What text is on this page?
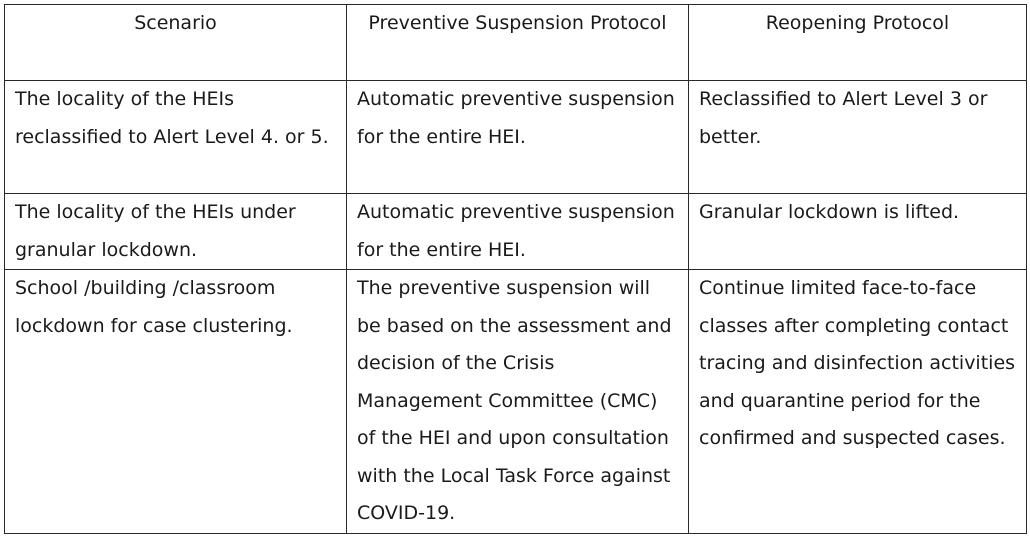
Scenario	Preventive Suspension Protocol	Reopening Protocol
The locality of the HEIs reclassified to Alert Level 4. or 5.	Automatic preventive suspension for the entire HEI.	Reclassified to Alert Level 3 or better.
The locality of the HEIs under granular lockdown.	Automatic preventive suspension for the entire HEI.	Granular lockdown is lifted.
School /building /classroom lockdown for case clustering.	The preventive suspension will be based on the assessment and decision of the Crisis Management Committee (CMC) of the HEI and upon consultation with the Local Task Force against COVID-19.	Continue limited face-to-face classes after completing contact tracing and disinfection activities and quarantine period for the confirmed and suspected cases.
